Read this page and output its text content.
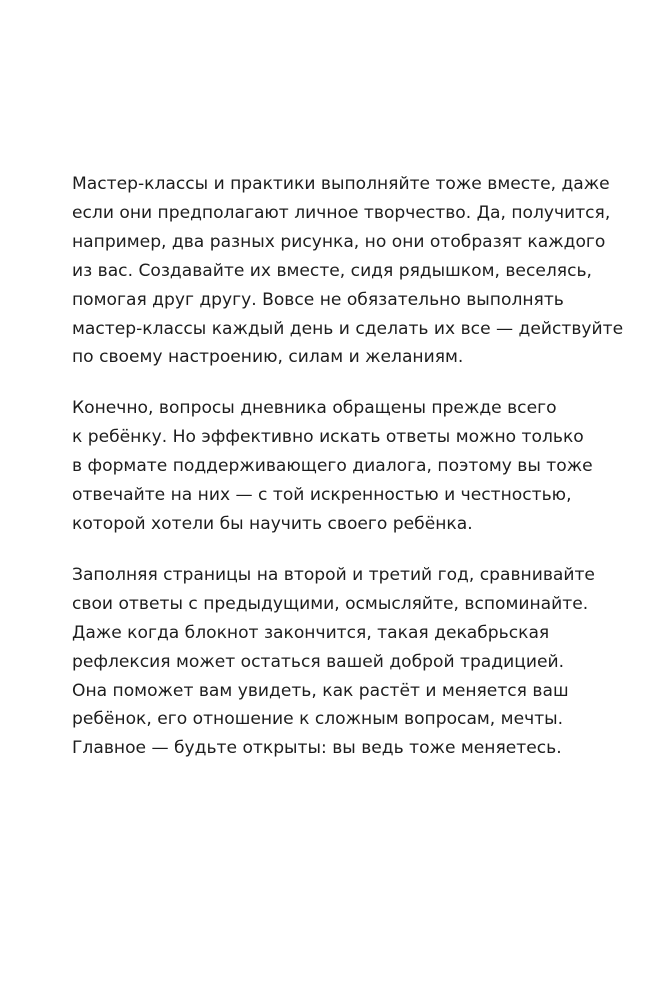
Мастер-классы и практики выполняйте тоже вместе, даже
если они предполагают личное творчество. Да, получится,
например, два разных рисунка, но они отобразят каждого
из вас. Создавайте их вместе, сидя рядышком, веселясь,
помогая друг другу. Вовсе не обязательно выполнять
мастер-классы каждый день и сделать их все — действуйте
по своему настроению, силам и желаниям.

Конечно, вопросы дневника обращены прежде всего
к ребёнку. Но эффективно искать ответы можно только
в формате поддерживающего диалога, поэтому вы тоже
отвечайте на них — с той искренностью и честностью,
которой хотели бы научить своего ребёнка.

Заполняя страницы на второй и третий год, сравнивайте
свои ответы с предыдущими, осмысляйте, вспоминайте.
Даже когда блокнот закончится, такая декабрьская
рефлексия может остаться вашей доброй традицией.
Она поможет вам увидеть, как растёт и меняется ваш
ребёнок, его отношение к сложным вопросам, мечты.
Главное — будьте открыты: вы ведь тоже меняетесь.
